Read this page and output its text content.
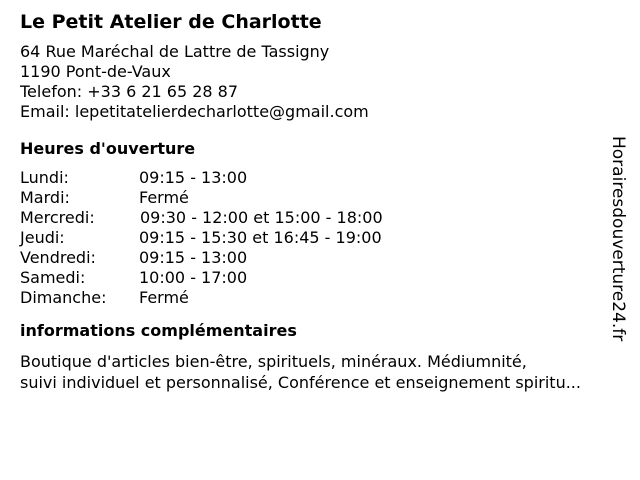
Le Petit Atelier de Charlotte
64 Rue Maréchal de Lattre de Tassigny
1190 Pont-de-Vaux
Telefon: +33 6 21 65 28 87
Email: lepetitatelierdecharlotte@gmail.com
Heures d'ouverture
Lundi:	09:15 - 13:00
Mardi:	Fermé
Mercredi:	09:30 - 12:00 et 15:00 - 18:00
Jeudi:	09:15 - 15:30 et 16:45 - 19:00
Vendredi:	09:15 - 13:00
Samedi:	10:00 - 17:00
Dimanche: Fermé
informations complémentaires
Boutique d'articles bien-être, spirituels, minéraux. Médiumnité,
suivi individuel et personnalisé, Conférence et enseignement spiritu...
Horairesdouverture24.fr
